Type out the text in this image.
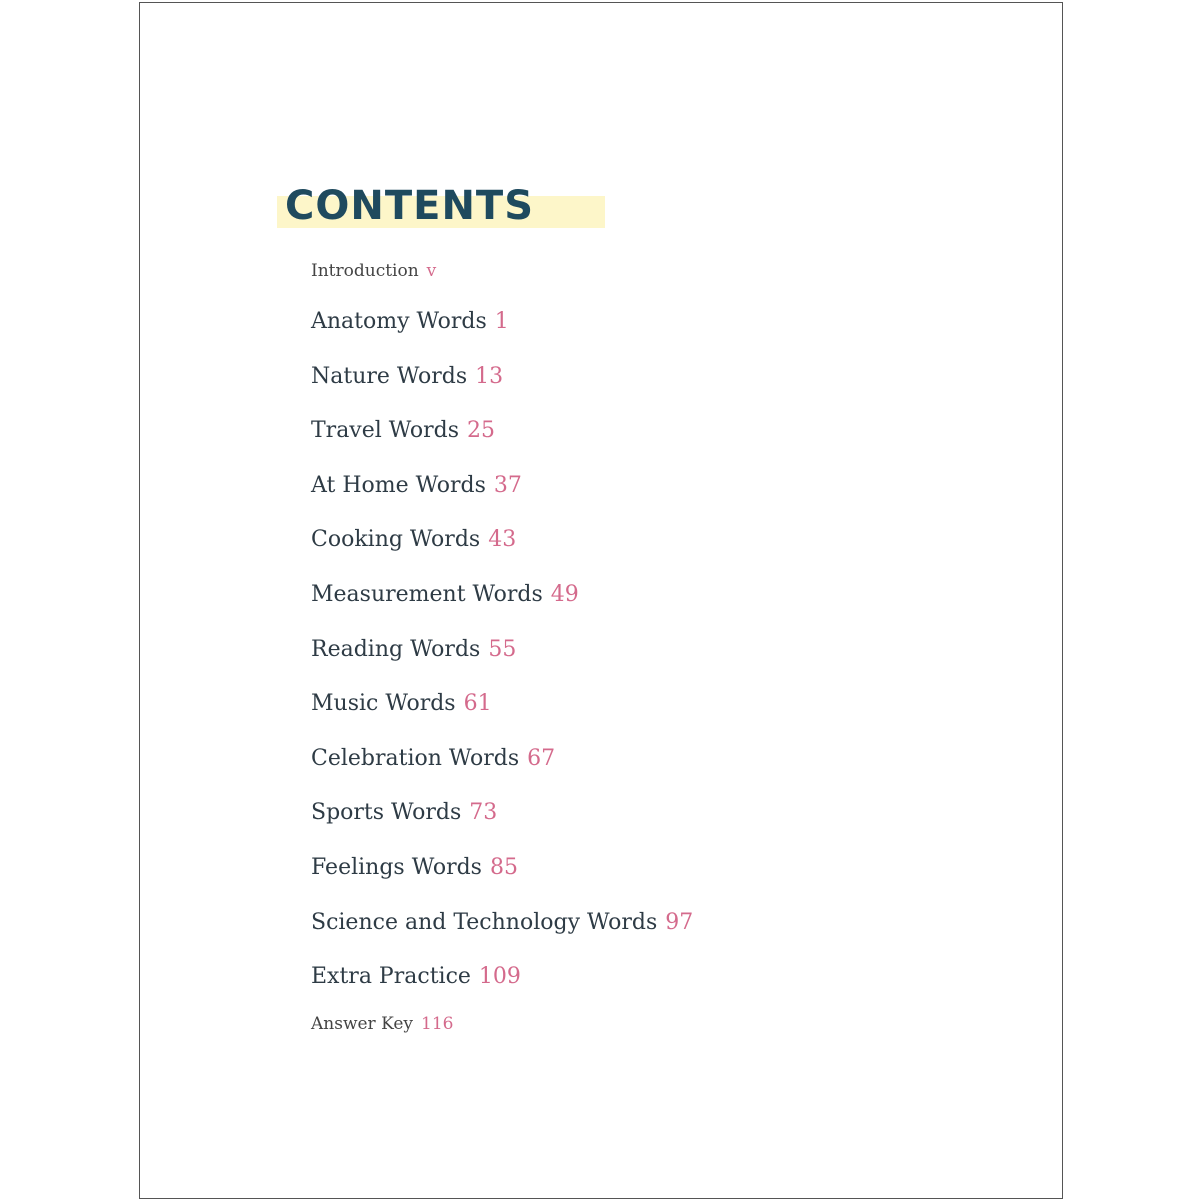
CONTENTS
Introduction v
Anatomy Words 1
Nature Words 13
Travel Words 25
At Home Words 37
Cooking Words 43
Measurement Words 49
Reading Words 55
Music Words 61
Celebration Words 67
Sports Words 73
Feelings Words 85
Science and Technology Words 97
Extra Practice 109
Answer Key 116
